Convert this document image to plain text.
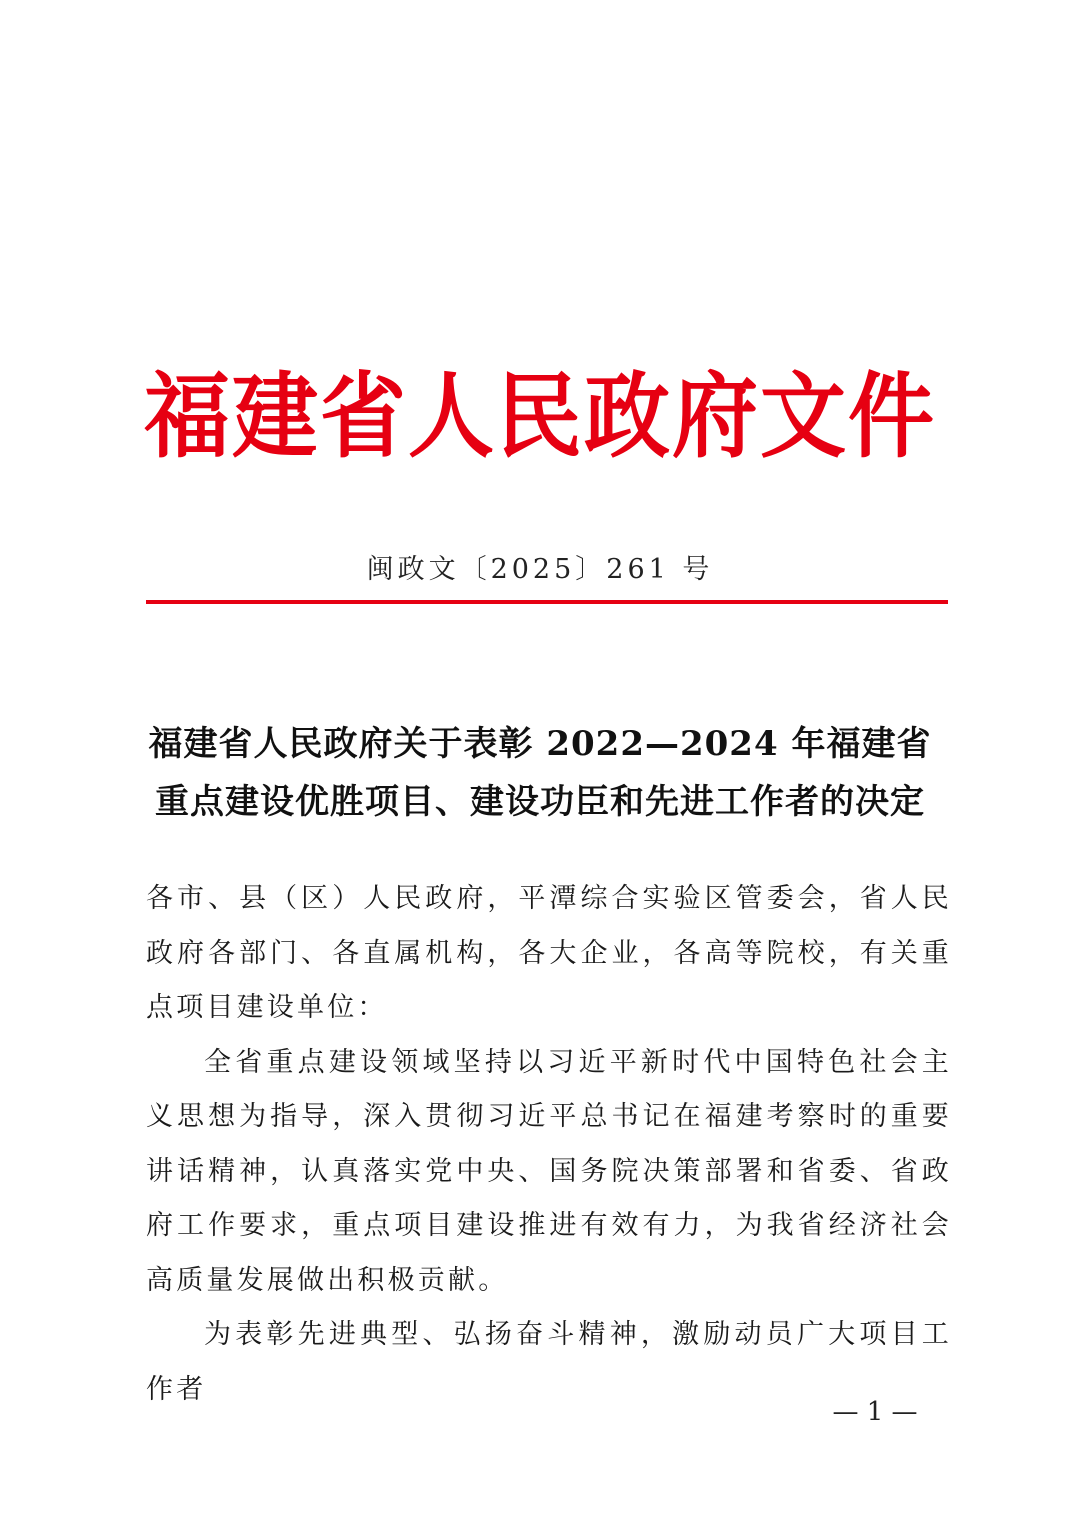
福建省人民政府文件
闽政文〔2025〕261 号
福建省人民政府关于表彰 2022—2024 年福建省
重点建设优胜项目、建设功臣和先进工作者的决定

各市、县（区）人民政府，平潭综合实验区管委会，省人民政府各部门、各直属机构，各大企业，各高等院校，有关重点项目建设单位：

全省重点建设领域坚持以习近平新时代中国特色社会主义思想为指导，深入贯彻习近平总书记在福建考察时的重要讲话精神，认真落实党中央、国务院决策部署和省委、省政府工作要求，重点项目建设推进有效有力，为我省经济社会高质量发展做出积极贡献。

为表彰先进典型、弘扬奋斗精神，激励动员广大项目工作者

— 1 —
